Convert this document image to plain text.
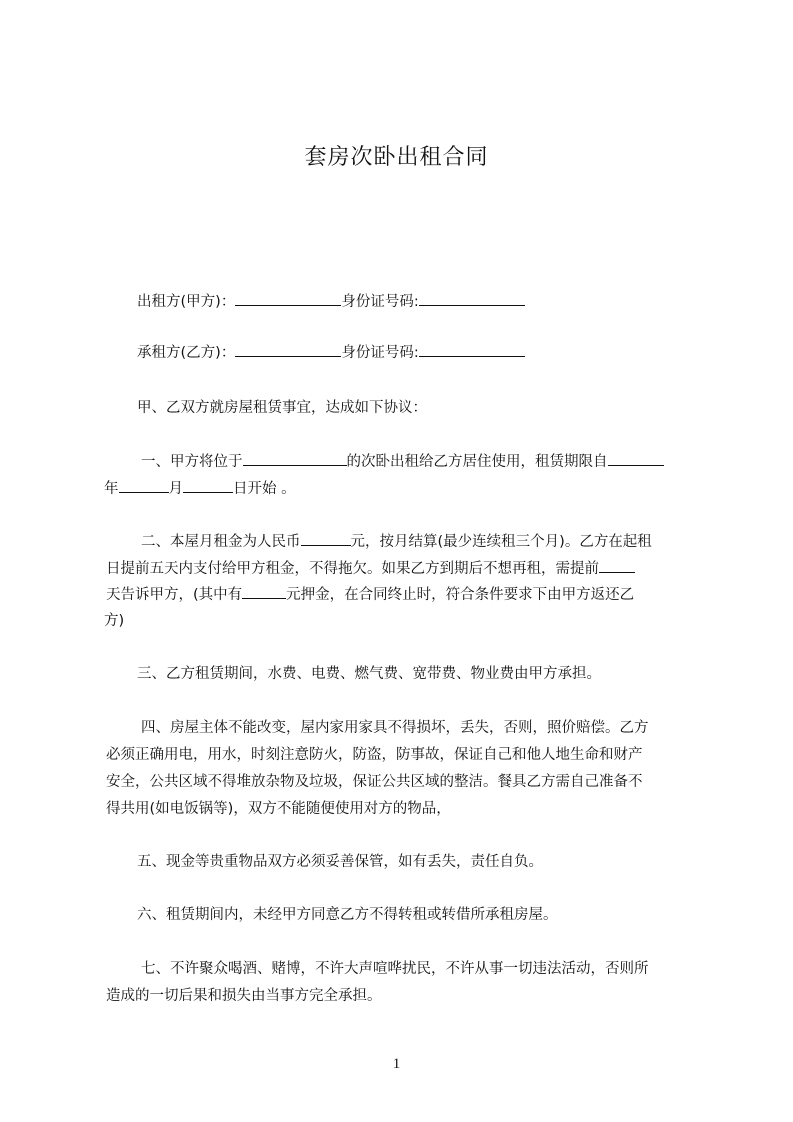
套房次卧出租合同
出租方(甲方)：	身份证号码:
承租方(乙方)：	身份证号码:
甲、乙双方就房屋租赁事宜，达成如下协议：
一、甲方将位于	的次卧出租给乙方居住使用，租赁期限自
年	月	日开始 。
二、本屋月租金为人民币	元，按月结算(最少连续租三个月)。乙方在起租
日提前五天内支付给甲方租金，不得拖欠。如果乙方到期后不想再租，需提前
天告诉甲方，(其中有	元押金，在合同终止时，符合条件要求下由甲方返还乙
方)
三、乙方租赁期间，水费、电费、燃气费、宽带费、物业费由甲方承担。
四、房屋主体不能改变，屋内家用家具不得损坏，丢失，否则，照价赔偿。乙方
必须正确用电，用水，时刻注意防火，防盗，防事故，保证自己和他人地生命和财产
安全，公共区域不得堆放杂物及垃圾，保证公共区域的整洁。餐具乙方需自己准备不
得共用(如电饭锅等)，双方不能随便使用对方的物品，
五、现金等贵重物品双方必须妥善保管，如有丢失，责任自负。
六、租赁期间内，未经甲方同意乙方不得转租或转借所承租房屋。
七、不许聚众喝酒、赌博，不许大声喧哗扰民，不许从事一切违法活动，否则所
造成的一切后果和损失由当事方完全承担。
1
